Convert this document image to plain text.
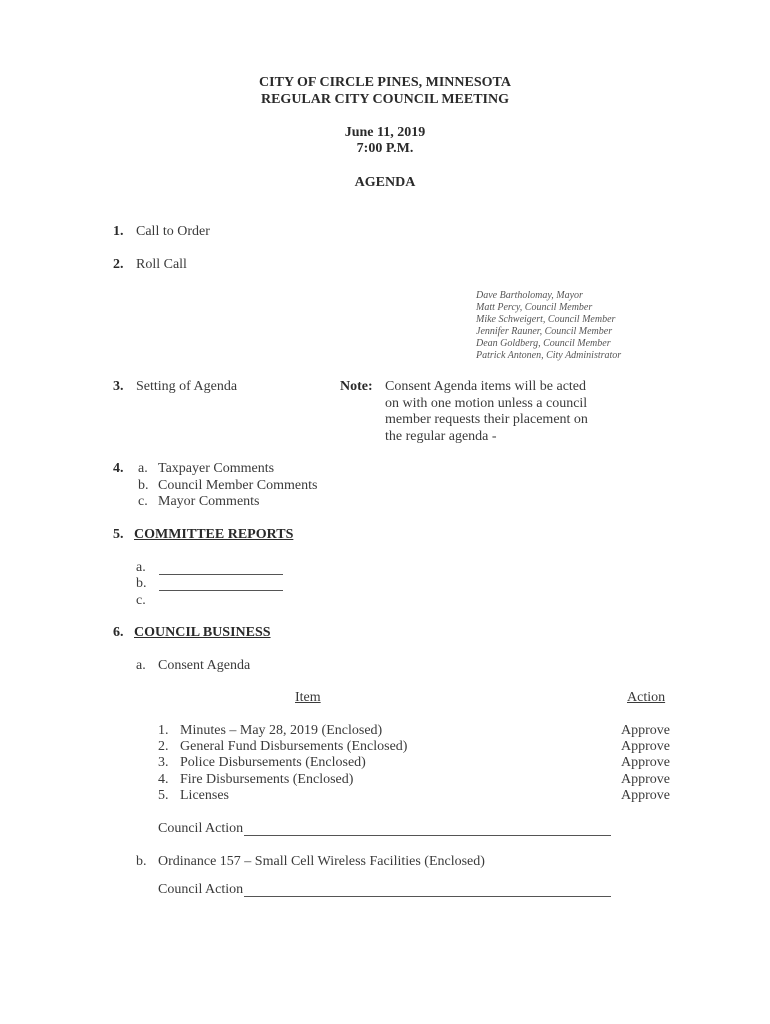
CITY OF CIRCLE PINES, MINNESOTA
REGULAR CITY COUNCIL MEETING
June 11, 2019
7:00 P.M.
AGENDA
1. Call to Order
2. Roll Call
Dave Bartholomay, Mayor
Matt Percy, Council Member
Mike Schweigert, Council Member
Jennifer Rauner, Council Member
Dean Goldberg, Council Member
Patrick Antonen, City Administrator
3. Setting of Agenda	Note: Consent Agenda items will be acted
on with one motion unless a council
member requests their placement on
the regular agenda -
4. a. Taxpayer Comments
b. Council Member Comments
c. Mayor Comments
5. COMMITTEE REPORTS
a.
b.
c.
6. COUNCIL BUSINESS
a. Consent Agenda
Item	Action
1. Minutes – May 28, 2019 (Enclosed)	Approve
2. General Fund Disbursements (Enclosed)	Approve
3. Police Disbursements (Enclosed)	Approve
4. Fire Disbursements (Enclosed)	Approve
5. Licenses	Approve
Council Action
b. Ordinance 157 – Small Cell Wireless Facilities (Enclosed)
Council Action
